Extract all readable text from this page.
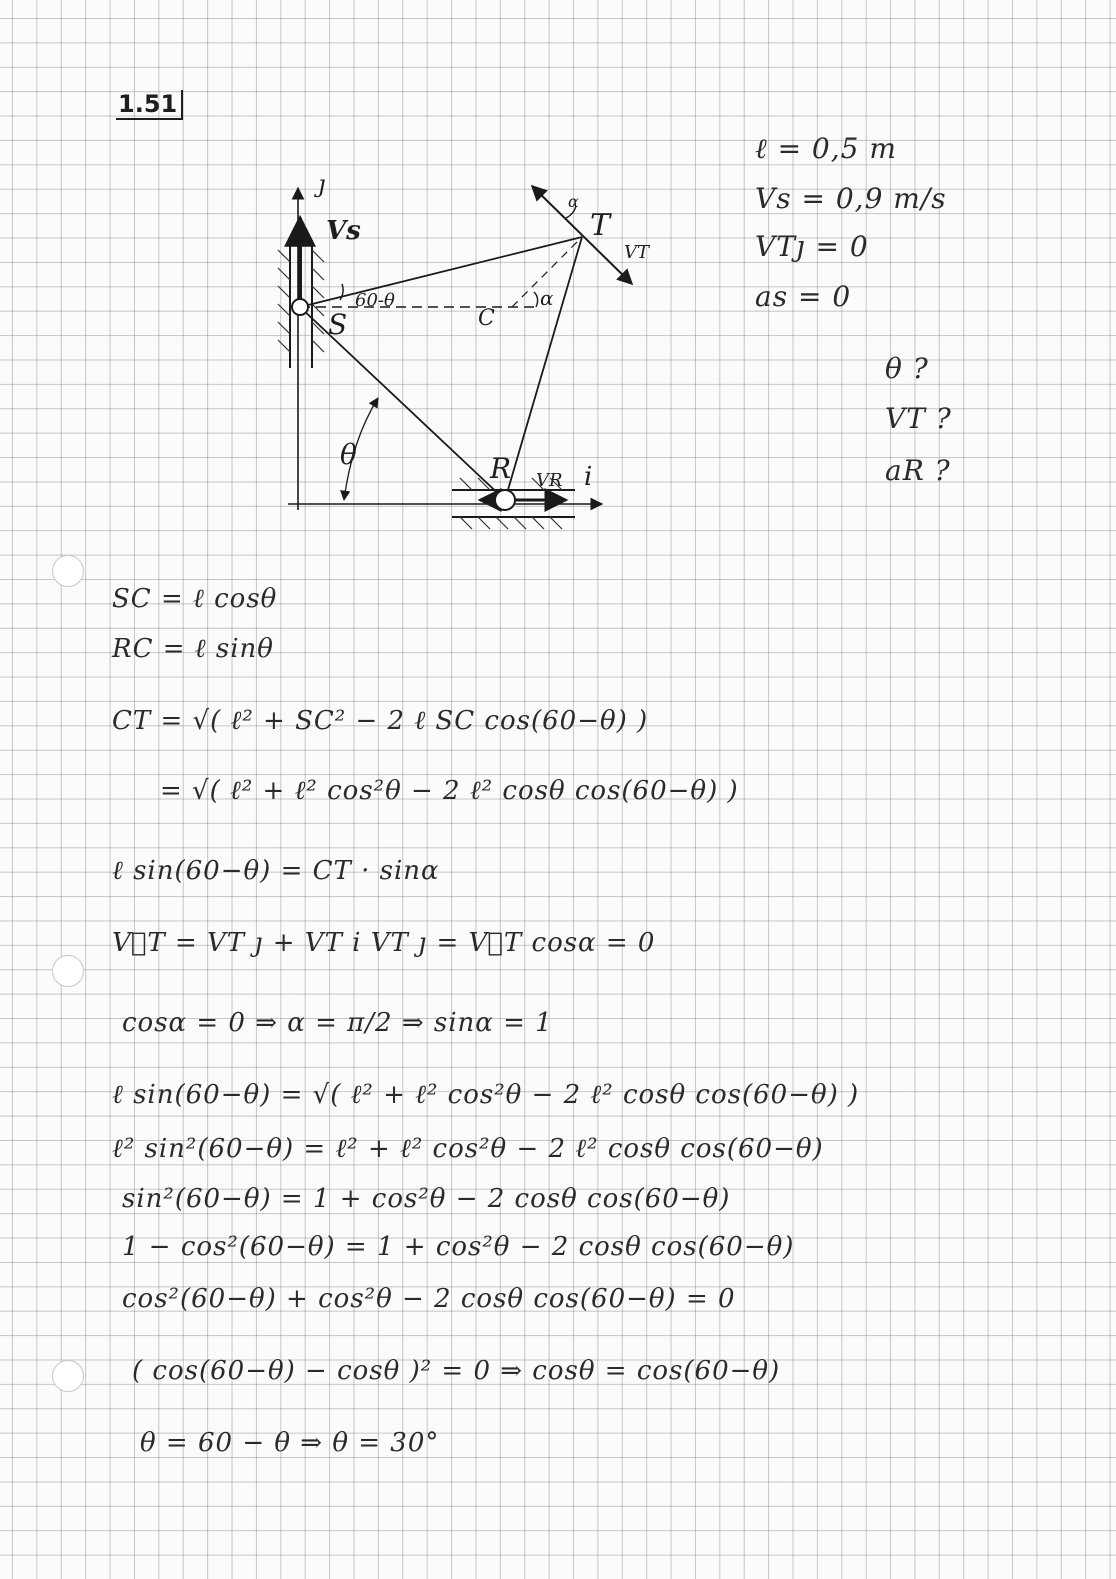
1.51
ȷ
Vs
S
60-θ
C
α
T
α
VT
θ	R VR i
ℓ = 0,5 m
Vs = 0,9 m/s
VTȷ = 0
as = 0
θ ?
VT ?
aR ?
SC = ℓ cosθ
RC = ℓ sinθ
CT = √( ℓ² + SC² − 2 ℓ SC cos(60−θ) )
= √( ℓ² + ℓ² cos²θ − 2 ℓ² cosθ cos(60−θ) )
ℓ sin(60−θ) = CT · sinα
V⃗T = VT ȷ + VT i VT ȷ = V⃗T cosα = 0
cosα = 0 ⇒ α = π/2 ⇒ sinα = 1
ℓ sin(60−θ) = √( ℓ² + ℓ² cos²θ − 2 ℓ² cosθ cos(60−θ) )
ℓ² sin²(60−θ) = ℓ² + ℓ² cos²θ − 2 ℓ² cosθ cos(60−θ)
sin²(60−θ) = 1 + cos²θ − 2 cosθ cos(60−θ)
1 − cos²(60−θ) = 1 + cos²θ − 2 cosθ cos(60−θ)
cos²(60−θ) + cos²θ − 2 cosθ cos(60−θ) = 0
( cos(60−θ) − cosθ )² = 0 ⇒ cosθ = cos(60−θ)
θ = 60 − θ ⇒ θ = 30°
